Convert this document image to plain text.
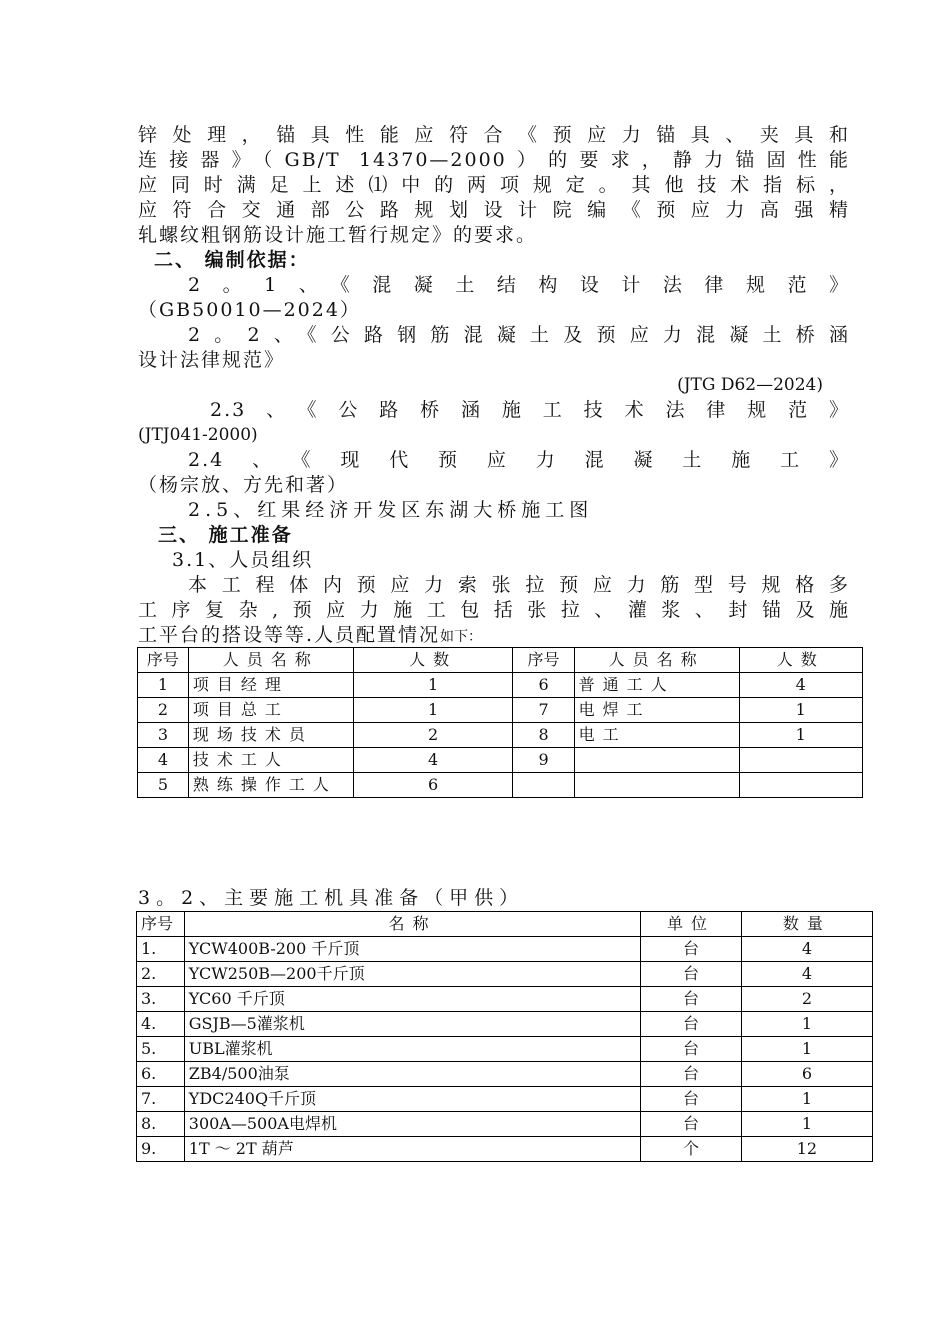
锌处理，锚具性能应符合《预应力锚具、夹具和
连接器》（GB/T 14370—2000）的要求，静力锚固性能
应同时满足上述⑴中的两项规定。其他技术指标，
应符合交通部公路规划设计院编《预应力高强精
轧螺纹粗钢筋设计施工暂行规定》的要求。
二、 编制依据：
2。1、《混凝土结构设计法律规范》
（GB50010—2024）
2。2、《公路钢筋混凝土及预应力混凝土桥涵
设计法律规范》
(JTG D62—2024)
2.3、《公路桥涵施工技术法律规范》
(JTJ041-2000)
2.4、《现代预应力混凝土施工》
（杨宗放、方先和著）
2.5、红果经济开发区东湖大桥施工图
三、 施工准备
3.1、人员组织
本工程体内预应力索张拉预应力筋型号规格多
工序复杂,预应力施工包括张拉、灌浆、封锚及施
工平台的搭设等等.人员配置情况如下：
序号	人员名称	人数	序号	人员名称	人数
1	项目经理	1	6	普通工人	4
2	项目总工	1	7	电焊工	1
3	现场技术员	2	8	电工	1
4	技术工人	4	9		
5	熟练操作工人	6			
3。2、主要施工机具准备（甲供）
序号	名称	单位	数量
1.	YCW400B-200 千斤顶	台	4
2.	YCW250B—200千斤顶	台	4
3.	YC60 千斤顶	台	2
4.	GSJB—5灌浆机	台	1
5.	UBL灌浆机	台	1
6.	ZB4/500油泵	台	6
7.	YDC240Q千斤顶	台	1
8.	300A—500A电焊机	台	1
9.	1T ～ 2T 葫芦	个	12
